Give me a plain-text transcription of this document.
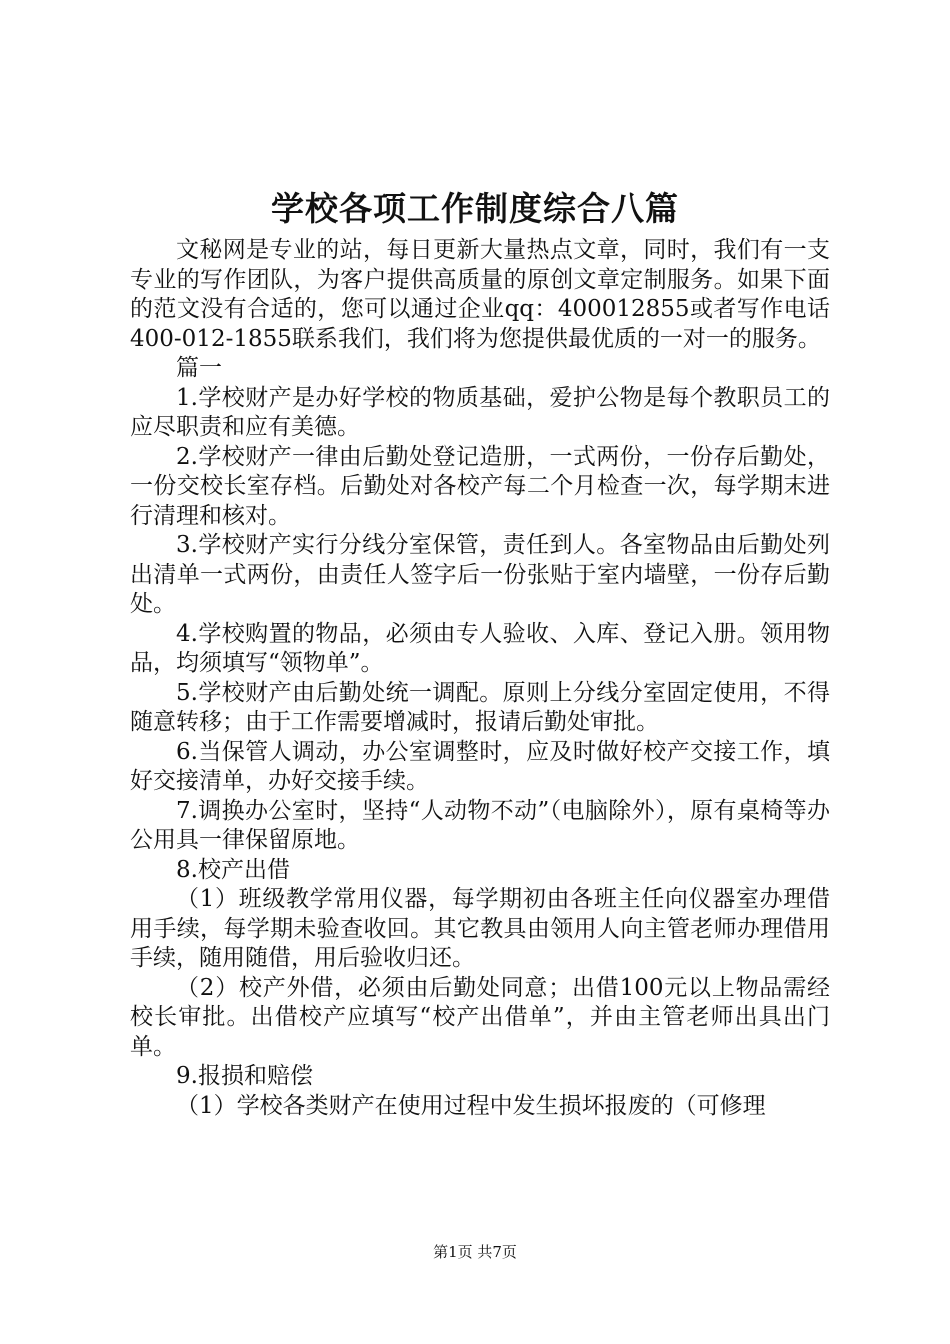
学校各项工作制度综合八篇

文秘网是专业的站，每日更新大量热点文章，同时，我们有一支专业的写作团队，为客户提供高质量的原创文章定制服务。如果下面的范文没有合适的，您可以通过企业qq：400012855或者写作电话400-012-1855联系我们，我们将为您提供最优质的一对一的服务。

篇一

1.学校财产是办好学校的物质基础，爱护公物是每个教职员工的应尽职责和应有美德。

2.学校财产一律由后勤处登记造册，一式两份，一份存后勤处，一份交校长室存档。后勤处对各校产每二个月检查一次，每学期末进行清理和核对。

3.学校财产实行分线分室保管，责任到人。各室物品由后勤处列出清单一式两份，由责任人签字后一份张贴于室内墙壁，一份存后勤处。

4.学校购置的物品，必须由专人验收、入库、登记入册。领用物品，均须填写“领物单”。

5.学校财产由后勤处统一调配。原则上分线分室固定使用，不得随意转移；由于工作需要增减时，报请后勤处审批。

6.当保管人调动，办公室调整时，应及时做好校产交接工作，填好交接清单，办好交接手续。

7.调换办公室时，坚持“人动物不动”（电脑除外），原有桌椅等办公用具一律保留原地。

8.校产出借

（1）班级教学常用仪器，每学期初由各班主任向仪器室办理借用手续，每学期未验查收回。其它教具由领用人向主管老师办理借用手续，随用随借，用后验收归还。

（2）校产外借，必须由后勤处同意；出借100元以上物品需经校长审批。出借校产应填写“校产出借单”，并由主管老师出具出门单。

9.报损和赔偿

（1）学校各类财产在使用过程中发生损坏报废的（可修理

第1页 共7页
